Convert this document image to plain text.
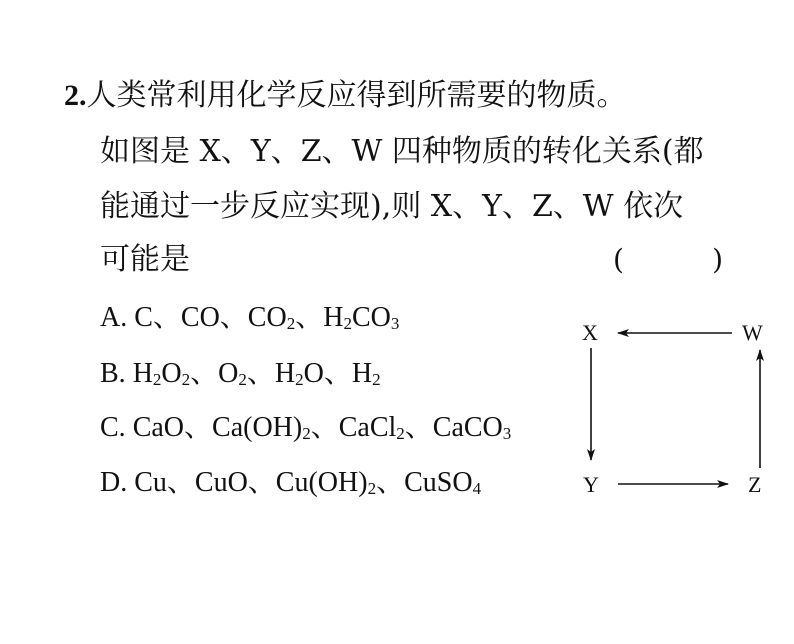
2.人类常利用化学反应得到所需要的物质。
如图是 X、Y、Z、W 四种物质的转化关系(都
能通过一步反应实现),则 X、Y、Z、W 依次
可能是	(	)
A. C、CO、$CO_2$、$H_2CO_3$
B. $H_2O_2$、$O_2$、$H_2O$、$H_2$
C. CaO、$Ca(OH)_2$、CaCl$_2$、CaCO$_3$
D. Cu、CuO、$Cu(OH)_2$、CuSO$_4$
X	W
Y	Z
